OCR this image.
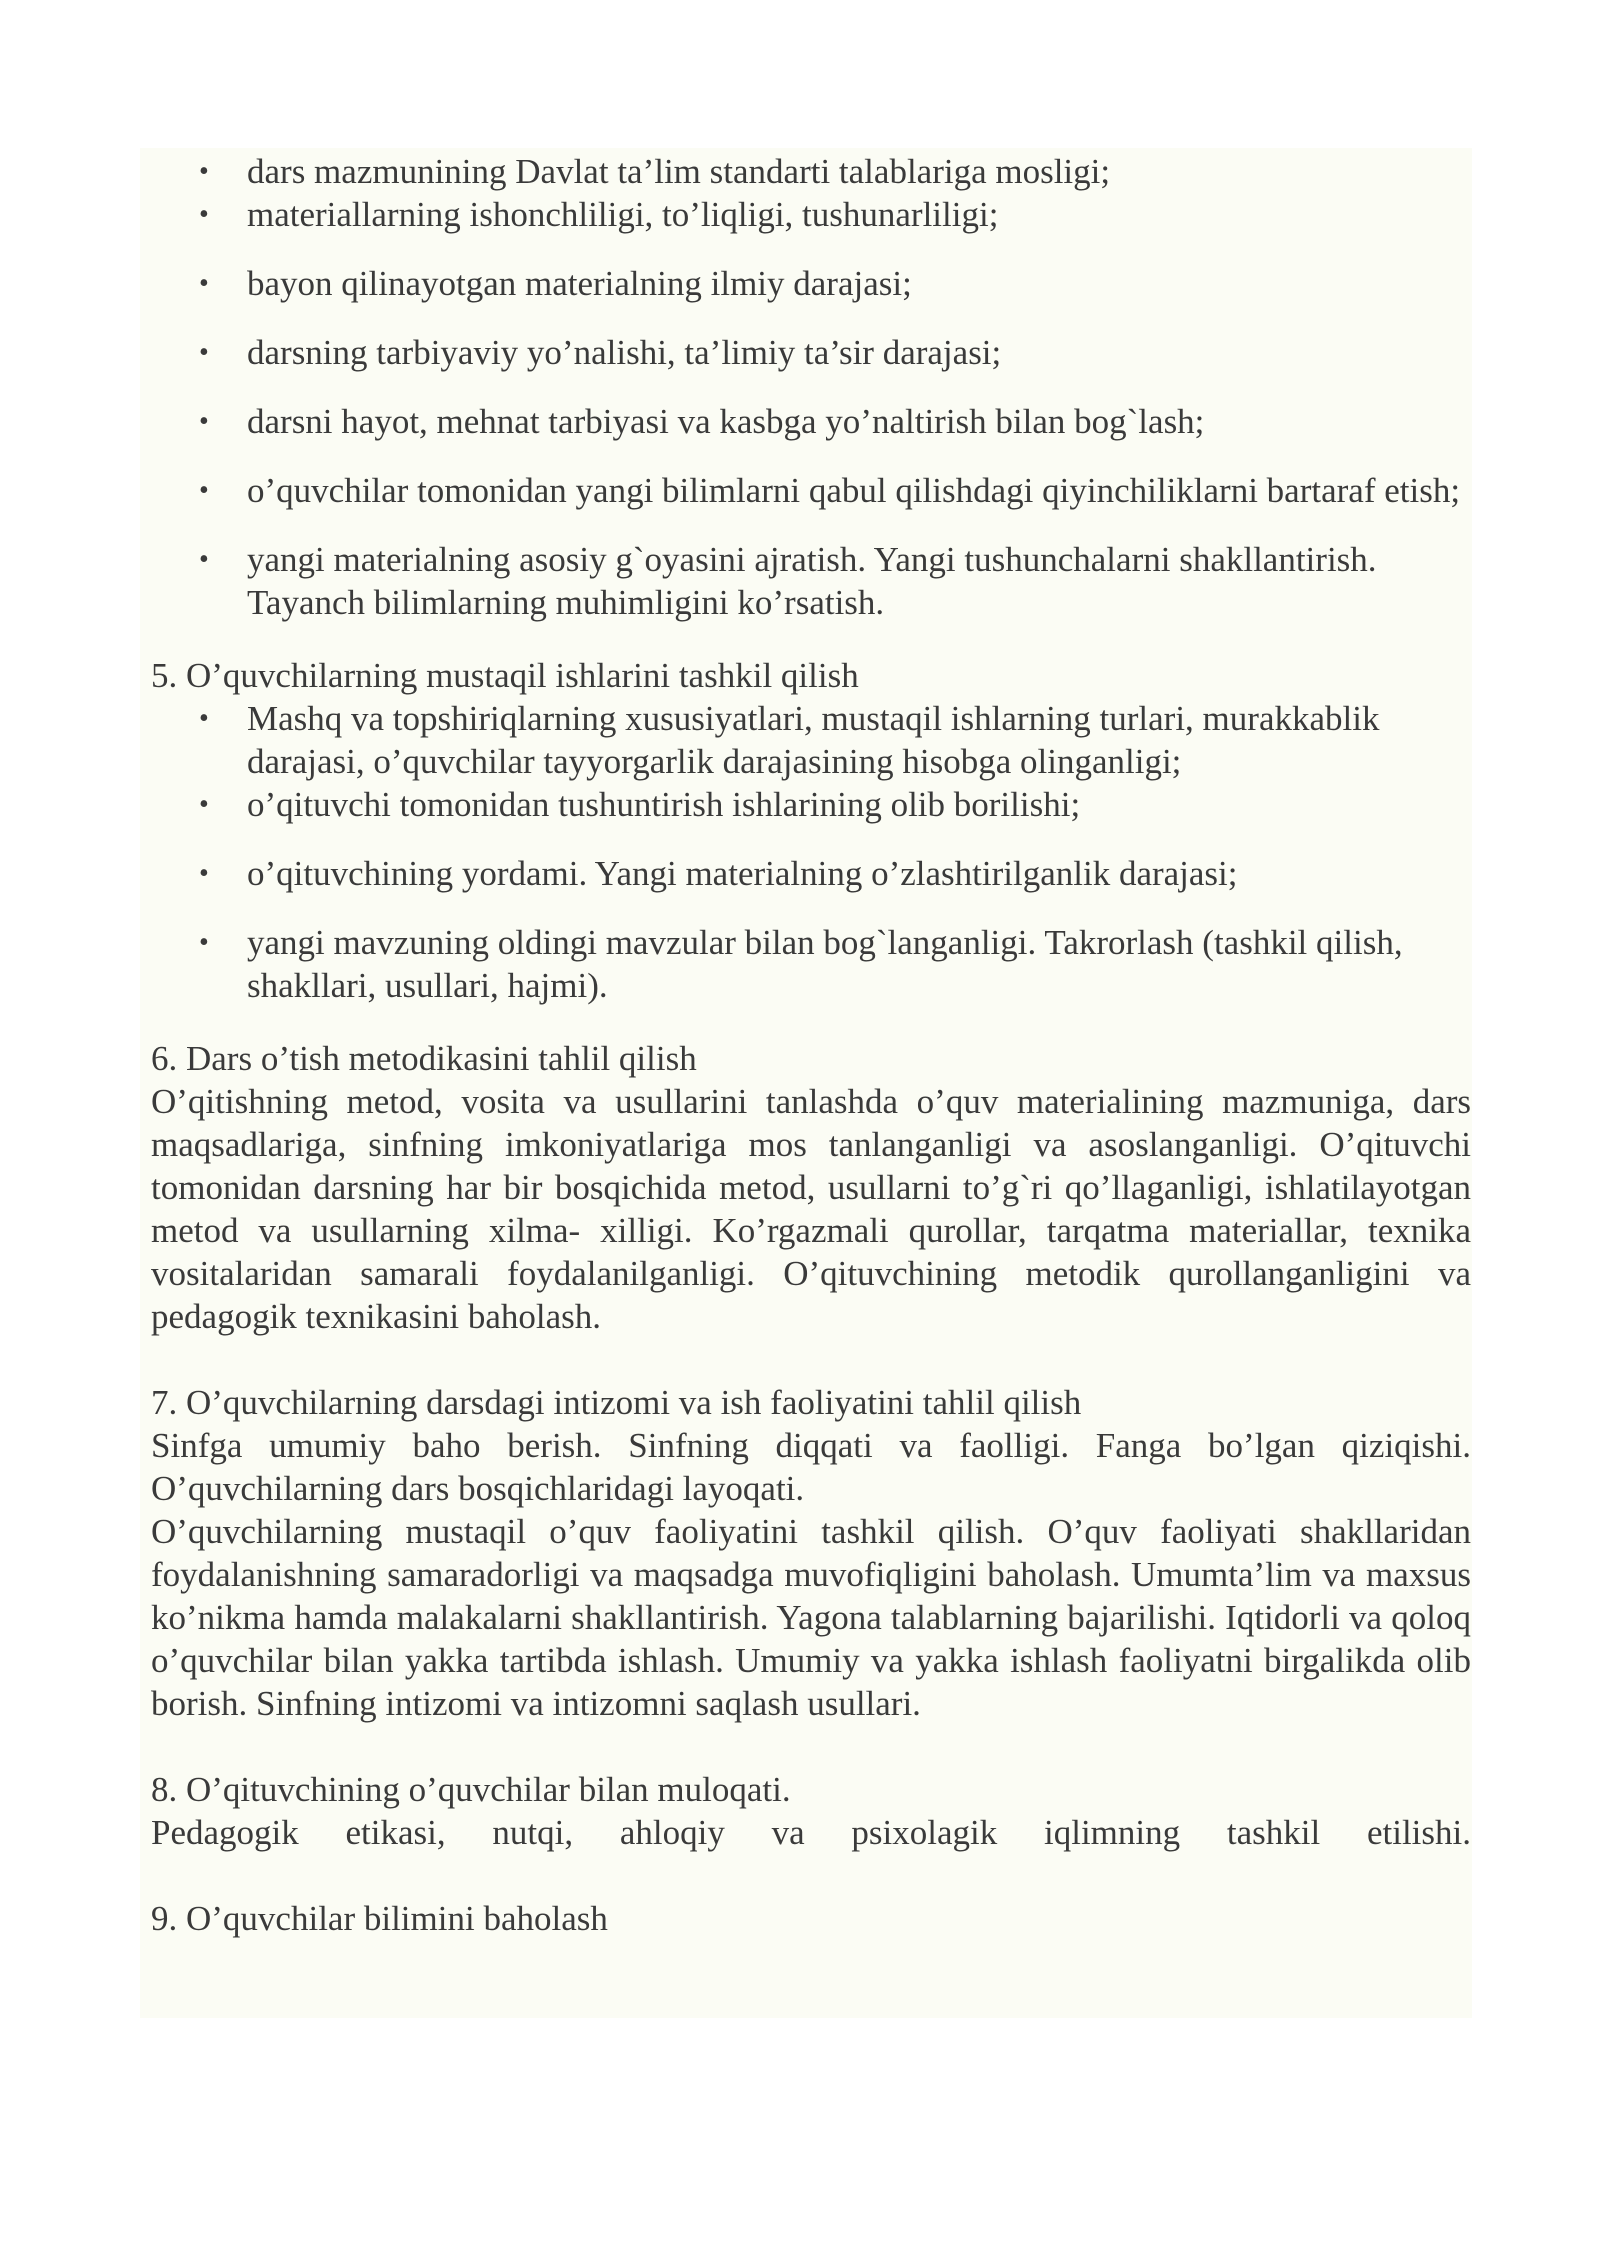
• dars mazmunining Davlat ta’lim standarti talablariga mosligi;
• materiallarning ishonchliligi, to’liqligi, tushunarliligi;
• bayon qilinayotgan materialning ilmiy darajasi;
• darsning tarbiyaviy yo’nalishi, ta’limiy ta’sir darajasi;
• darsni hayot, mehnat tarbiyasi va kasbga yo’naltirish bilan bog`lash;
• o’quvchilar tomonidan yangi bilimlarni qabul qilishdagi qiyinchiliklarni bartaraf etish;
• yangi materialning asosiy g`oyasini ajratish. Yangi tushunchalarni shakllantirish. Tayanch bilimlarning muhimligini ko’rsatish.
5. O’quvchilarning mustaqil ishlarini tashkil qilish
• Mashq va topshiriqlarning xususiyatlari, mustaqil ishlarning turlari, murakkablik darajasi, o’quvchilar tayyorgarlik darajasining hisobga olinganligi;
• o’qituvchi tomonidan tushuntirish ishlarining olib borilishi;
• o’qituvchining yordami. Yangi materialning o’zlashtirilganlik darajasi;
• yangi mavzuning oldingi mavzular bilan bog`langanligi. Takrorlash (tashkil qilish, shakllari, usullari, hajmi).
6. Dars o’tish metodikasini tahlil qilish
O’qitishning metod, vosita va usullarini tanlashda o’quv materialining mazmuniga, dars maqsadlariga, sinfning imkoniyatlariga mos tanlanganligi va asoslanganligi. O’qituvchi tomonidan darsning har bir bosqichida metod, usullarni to’g`ri qo’llaganligi, ishlatilayotgan metod va usullarning xilma- xilligi. Ko’rgazmali qurollar, tarqatma materiallar, texnika vositalaridan samarali foydalanilganligi. O’qituvchining metodik qurollanganligini va pedagogik texnikasini baholash.
7. O’quvchilarning darsdagi intizomi va ish faoliyatini tahlil qilish
Sinfga umumiy baho berish. Sinfning diqqati va faolligi. Fanga bo’lgan qiziqishi. O’quvchilarning dars bosqichlaridagi layoqati.
O’quvchilarning mustaqil o’quv faoliyatini tashkil qilish. O’quv faoliyati shakllaridan foydalanishning samaradorligi va maqsadga muvofiqligini baholash. Umumta’lim va maxsus ko’nikma hamda malakalarni shakllantirish. Yagona talablarning bajarilishi. Iqtidorli va qoloq o’quvchilar bilan yakka tartibda ishlash. Umumiy va yakka ishlash faoliyatni birgalikda olib borish. Sinfning intizomi va intizomni saqlash usullari.
8. O’qituvchining o’quvchilar bilan muloqati.
Pedagogik etikasi, nutqi, ahloqiy va psixolagik iqlimning tashkil etilishi.
9. O’quvchilar bilimini baholash
